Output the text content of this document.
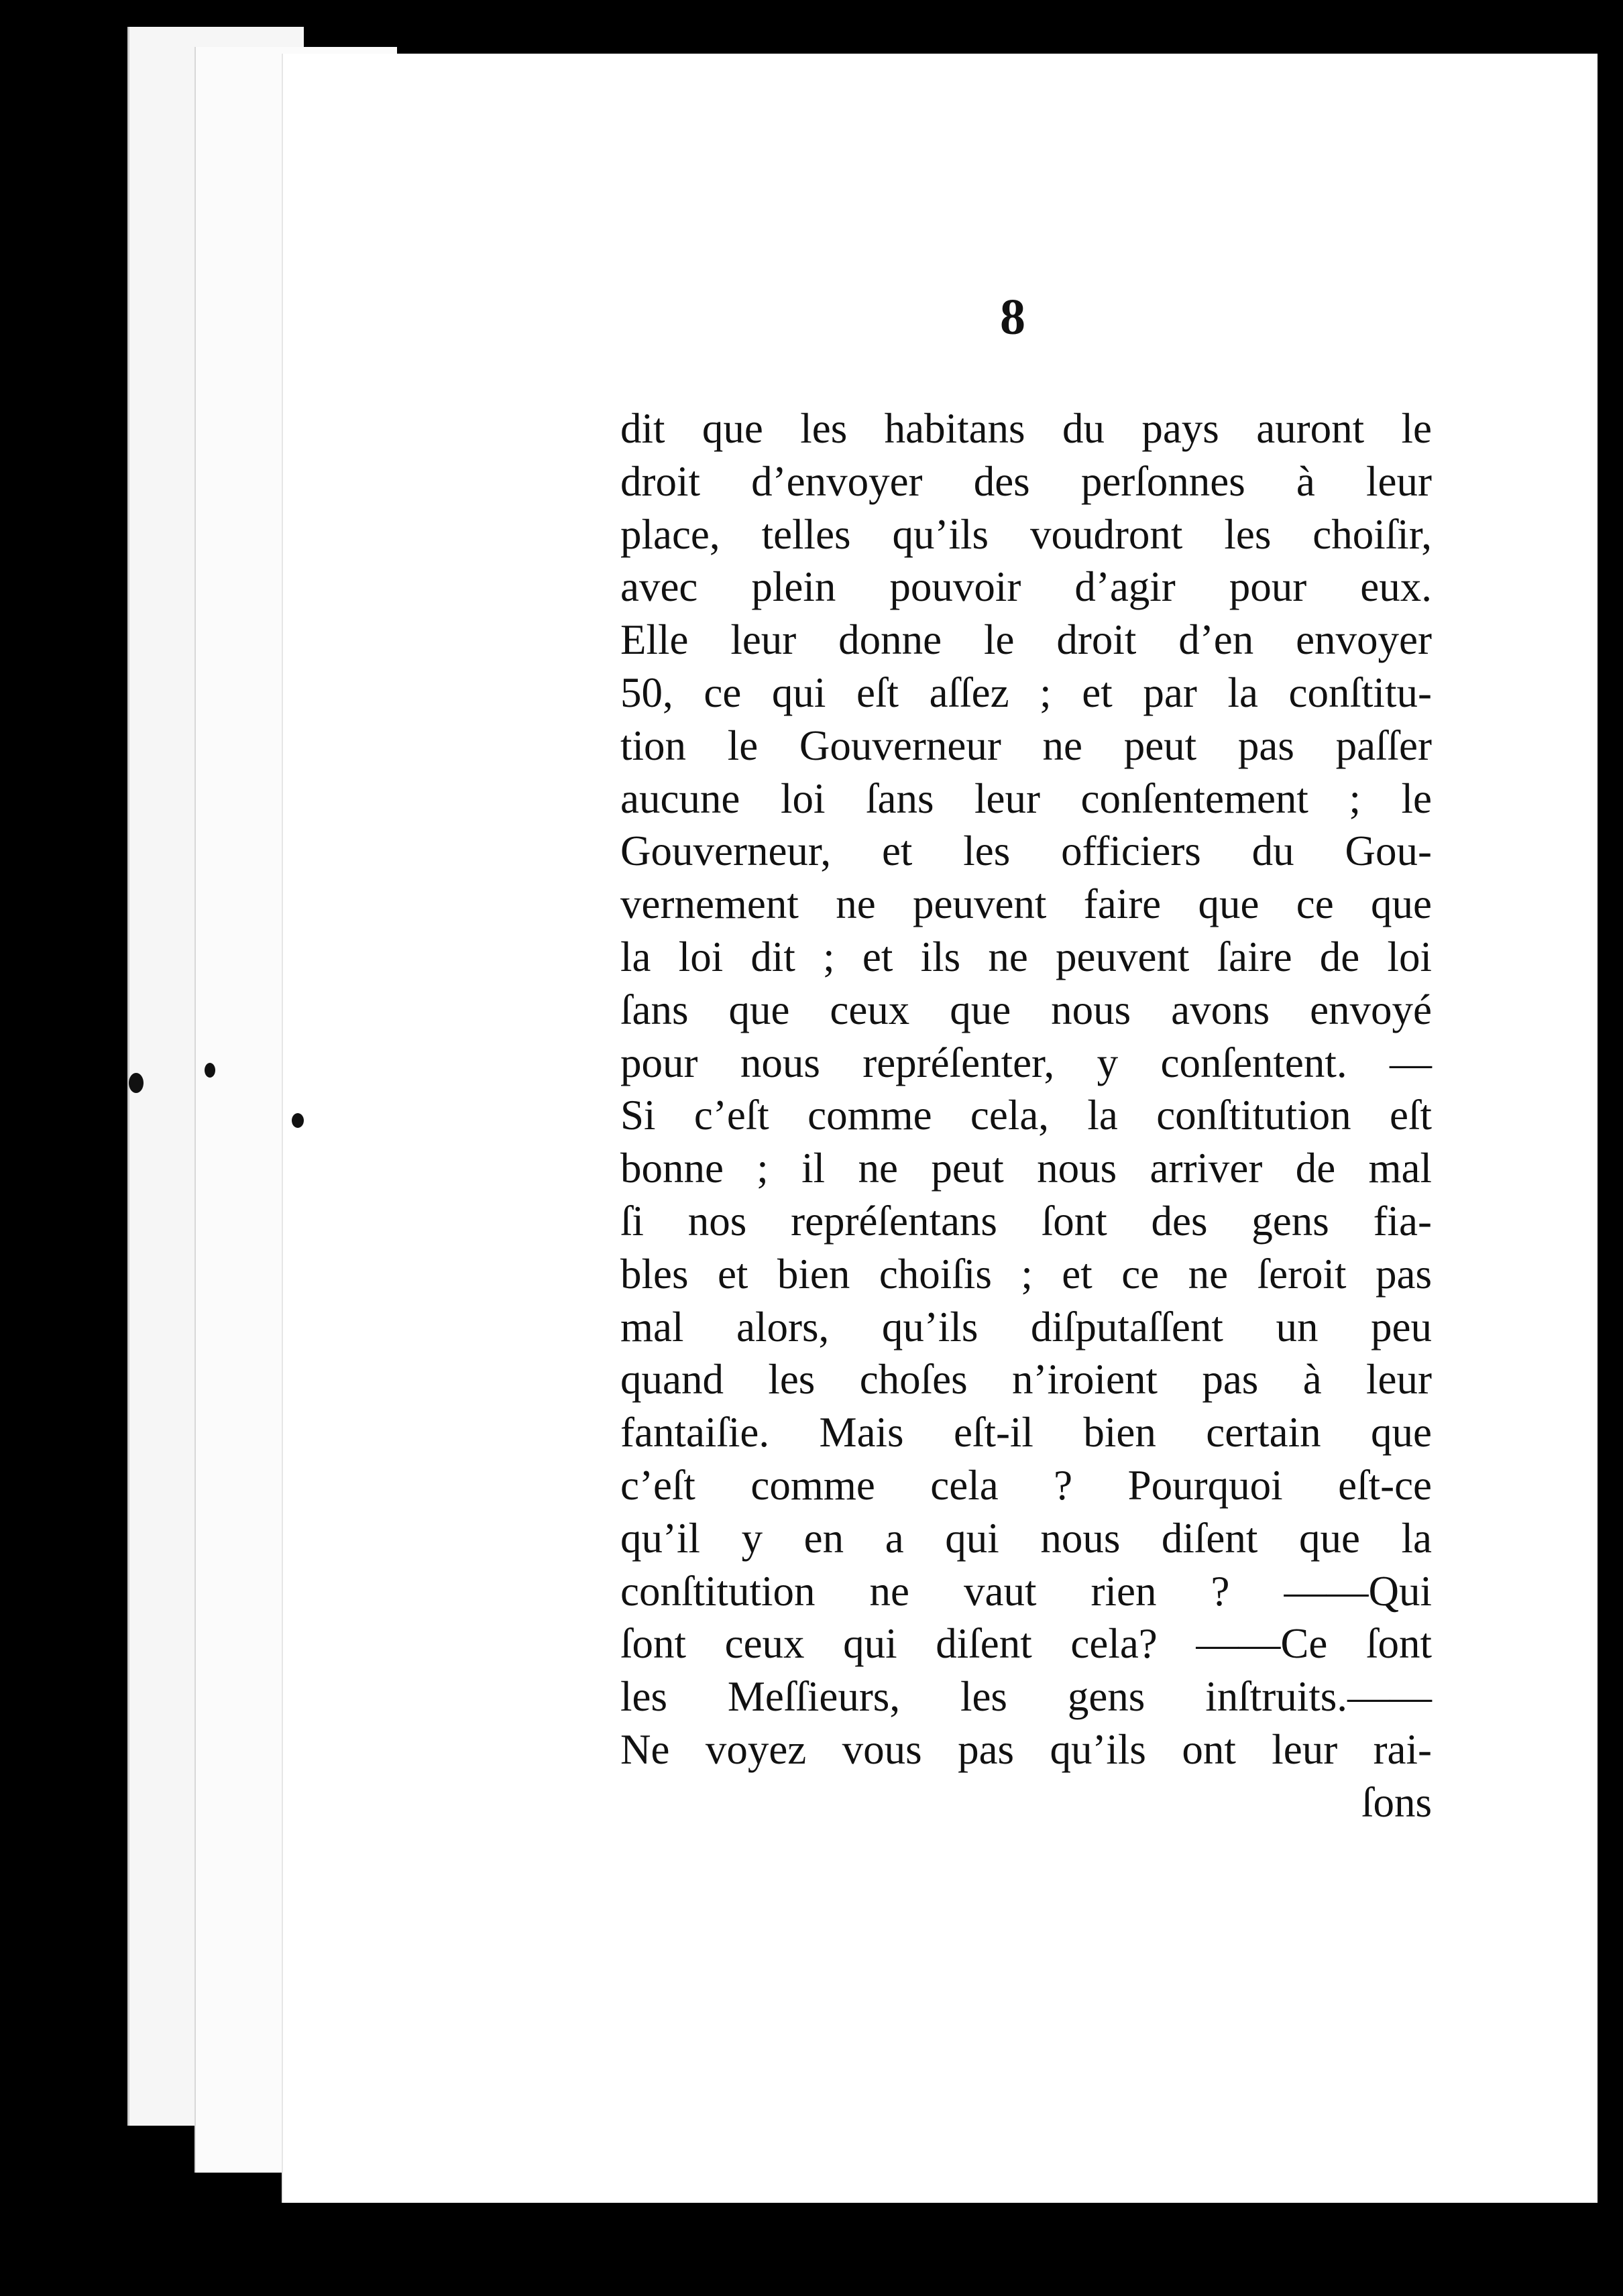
8
dit que les habitans du pays auront le
droit d’envoyer des perſonnes à leur
place, telles qu’ils voudront les choiſir,
avec plein pouvoir d’agir pour eux.
Elle leur donne le droit d’en envoyer
50, ce qui eſt aſſez ; et par la conſtitu-
tion le Gouverneur ne peut pas paſſer
aucune loi ſans leur conſentement ; le
Gouverneur, et les officiers du Gou-
vernement ne peuvent faire que ce que
la loi dit ; et ils ne peuvent ſaire de loi
ſans que ceux que nous avons envoyé
pour nous repréſenter, y conſentent. —
Si c’eſt comme cela, la conſtitution eſt
bonne ; il ne peut nous arriver de mal
ſi nos repréſentans ſont des gens fia-
bles et bien choiſis ; et ce ne ſeroit pas
mal alors, qu’ils diſputaſſent un peu
quand les choſes n’iroient pas à leur
fantaiſie. Mais eſt-il bien certain que
c’eſt comme cela ? Pourquoi eſt-ce
qu’il y en a qui nous diſent que la
conſtitution ne vaut rien ? ——Qui
ſont ceux qui diſent cela? ——Ce ſont
les Meſſieurs, les gens inſtruits.——
Ne voyez vous pas qu’ils ont leur rai-
ſons
